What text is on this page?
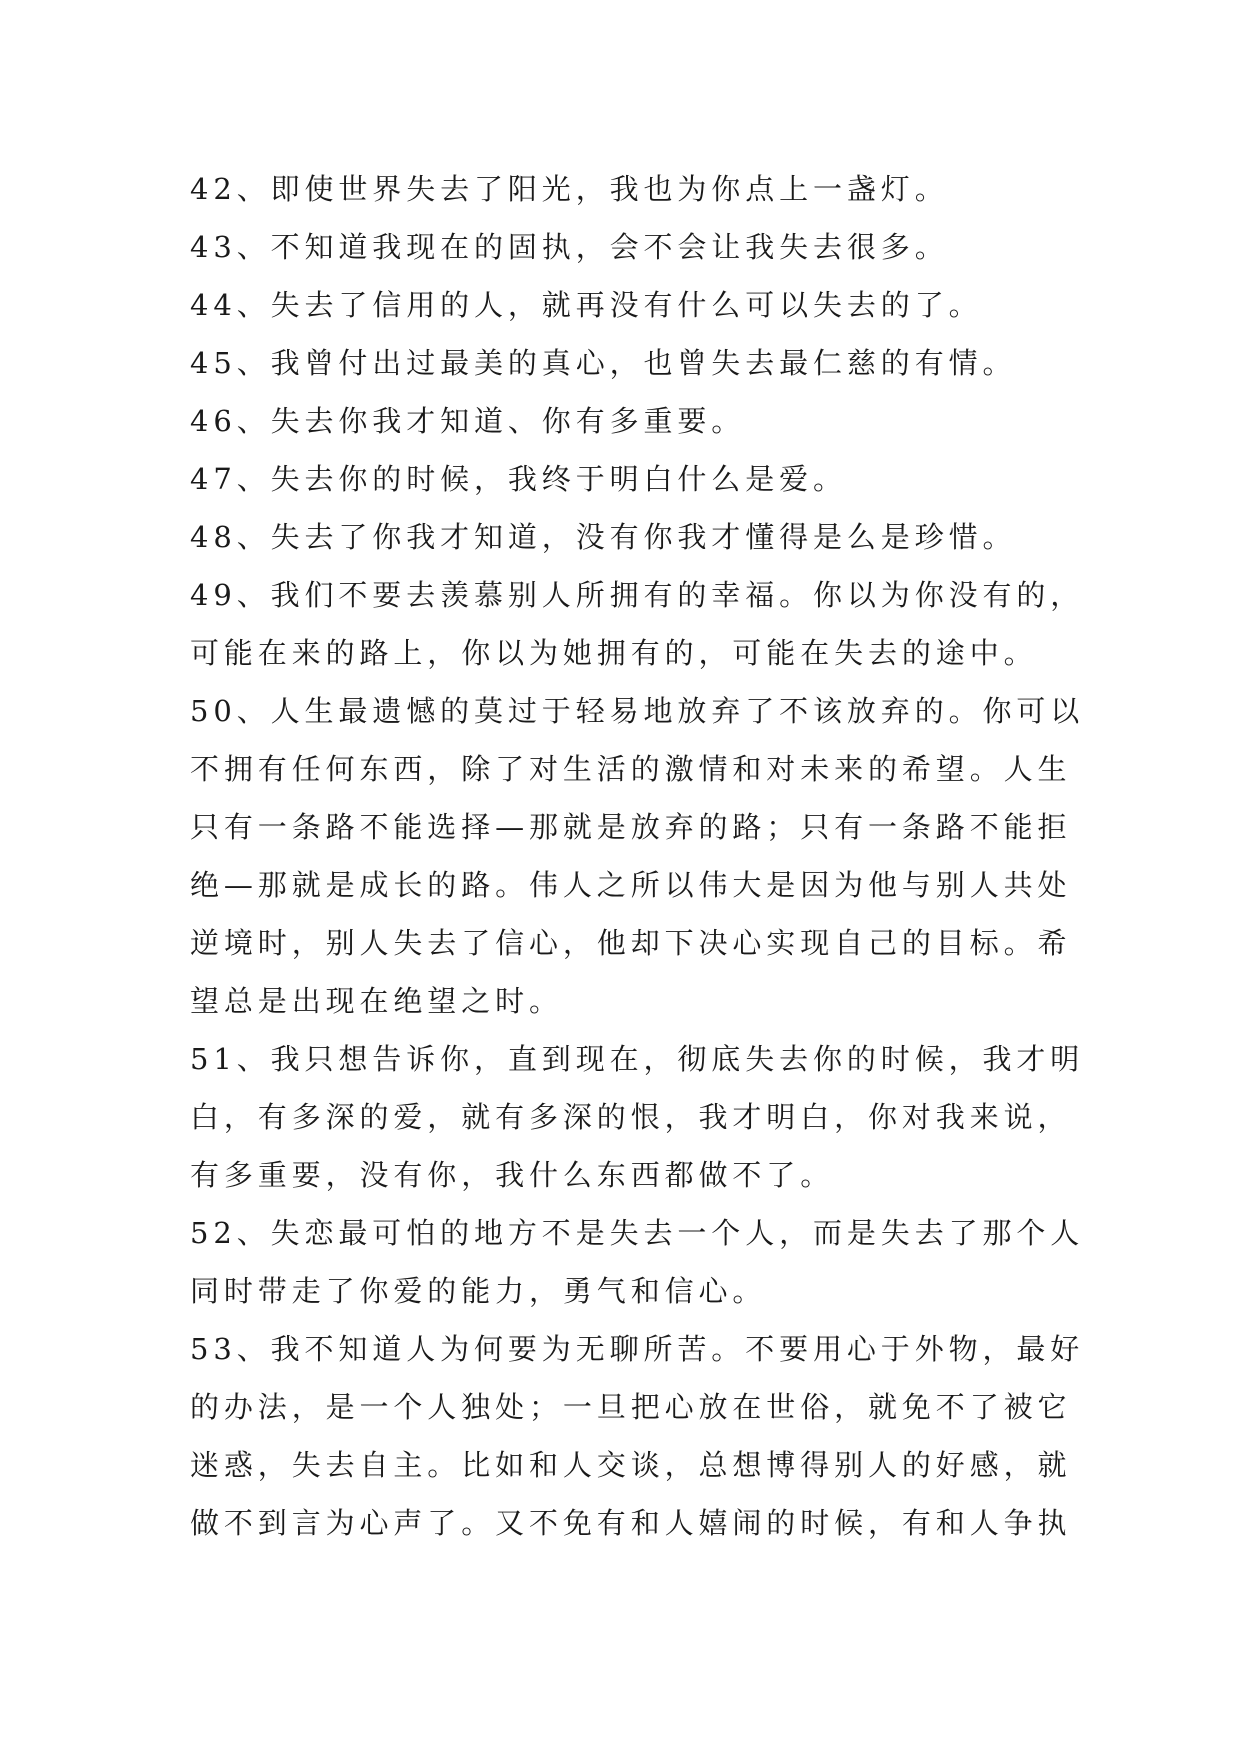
42、即使世界失去了阳光，我也为你点上一盏灯。
43、不知道我现在的固执，会不会让我失去很多。
44、失去了信用的人，就再没有什么可以失去的了。
45、我曾付出过最美的真心，也曾失去最仁慈的有情。
46、失去你我才知道、你有多重要。
47、失去你的时候，我终于明白什么是爱。
48、失去了你我才知道，没有你我才懂得是么是珍惜。
49、我们不要去羡慕别人所拥有的幸福。你以为你没有的，
可能在来的路上，你以为她拥有的，可能在失去的途中。
50、人生最遗憾的莫过于轻易地放弃了不该放弃的。你可以
不拥有任何东西，除了对生活的激情和对未来的希望。人生
只有一条路不能选择—那就是放弃的路；只有一条路不能拒
绝—那就是成长的路。伟人之所以伟大是因为他与别人共处
逆境时，别人失去了信心，他却下决心实现自己的目标。希
望总是出现在绝望之时。
51、我只想告诉你，直到现在，彻底失去你的时候，我才明
白，有多深的爱，就有多深的恨，我才明白，你对我来说，
有多重要，没有你，我什么东西都做不了。
52、失恋最可怕的地方不是失去一个人，而是失去了那个人
同时带走了你爱的能力，勇气和信心。
53、我不知道人为何要为无聊所苦。不要用心于外物，最好
的办法，是一个人独处；一旦把心放在世俗，就免不了被它
迷惑，失去自主。比如和人交谈，总想博得别人的好感，就
做不到言为心声了。又不免有和人嬉闹的时候，有和人争执
